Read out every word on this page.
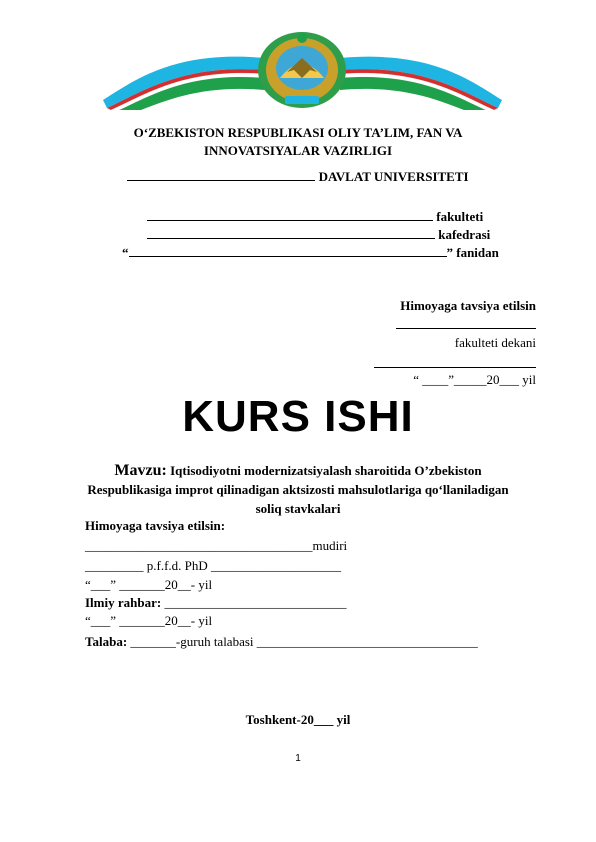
O‘ZBEKISTON RESPUBLIKASI OLIY TA’LIM, FAN VA
INNOVATSIYALAR VAZIRLIGI
DAVLAT UNIVERSITETI
fakulteti
kafedrasi
“	” fanidan
Himoyaga tavsiya etilsin
fakulteti dekani
“ ____”_____20___ yil
KURS ISHI
Mavzu: Iqtisodiyotni modernizatsiyalash sharoitida O’zbekiston
Respublikasiga improt qilinadigan aktsizosti mahsulotlariga qo‘llaniladigan
soliq stavkalari
Himoyaga tavsiya etilsin:
___________________________________mudiri
_________ p.f.f.d. PhD ____________________
“___” _______20__- yil
Ilmiy rahbar: ____________________________
“___” _______20__- yil
Talaba: _______-guruh talabasi __________________________________
Toshkent-20___ yil
1
